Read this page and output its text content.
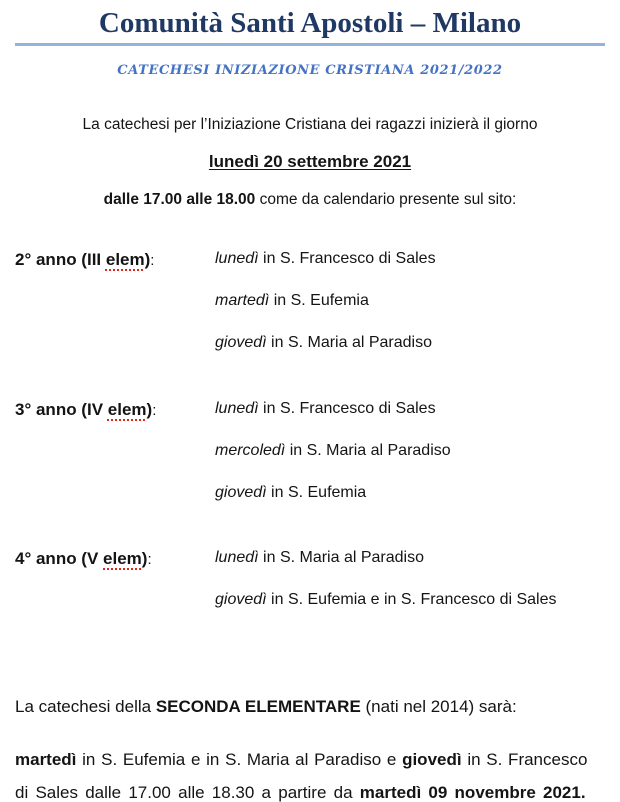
Comunità Santi Apostoli – Milano
CATECHESI INIZIAZIONE CRISTIANA 2021/2022

La catechesi per l’Iniziazione Cristiana dei ragazzi inizierà il giorno

lunedì 20 settembre 2021

dalle 17.00 alle 18.00 come da calendario presente sul sito:

2° anno (III elem):	lunedì in S. Francesco di Sales
martedì in S. Eufemia
giovedì in S. Maria al Paradiso
3° anno (IV elem):	lunedì in S. Francesco di Sales
mercoledì in S. Maria al Paradiso
giovedì in S. Eufemia
4° anno (V elem):	lunedì in S. Maria al Paradiso
giovedì in S. Eufemia e in S. Francesco di Sales

La catechesi della SECONDA ELEMENTARE (nati nel 2014) sarà:

martedì in S. Eufemia e in S. Maria al Paradiso e giovedì in S. Francesco
di Sales dalle 17.00 alle 18.30 a partire da martedì 09 novembre 2021.
